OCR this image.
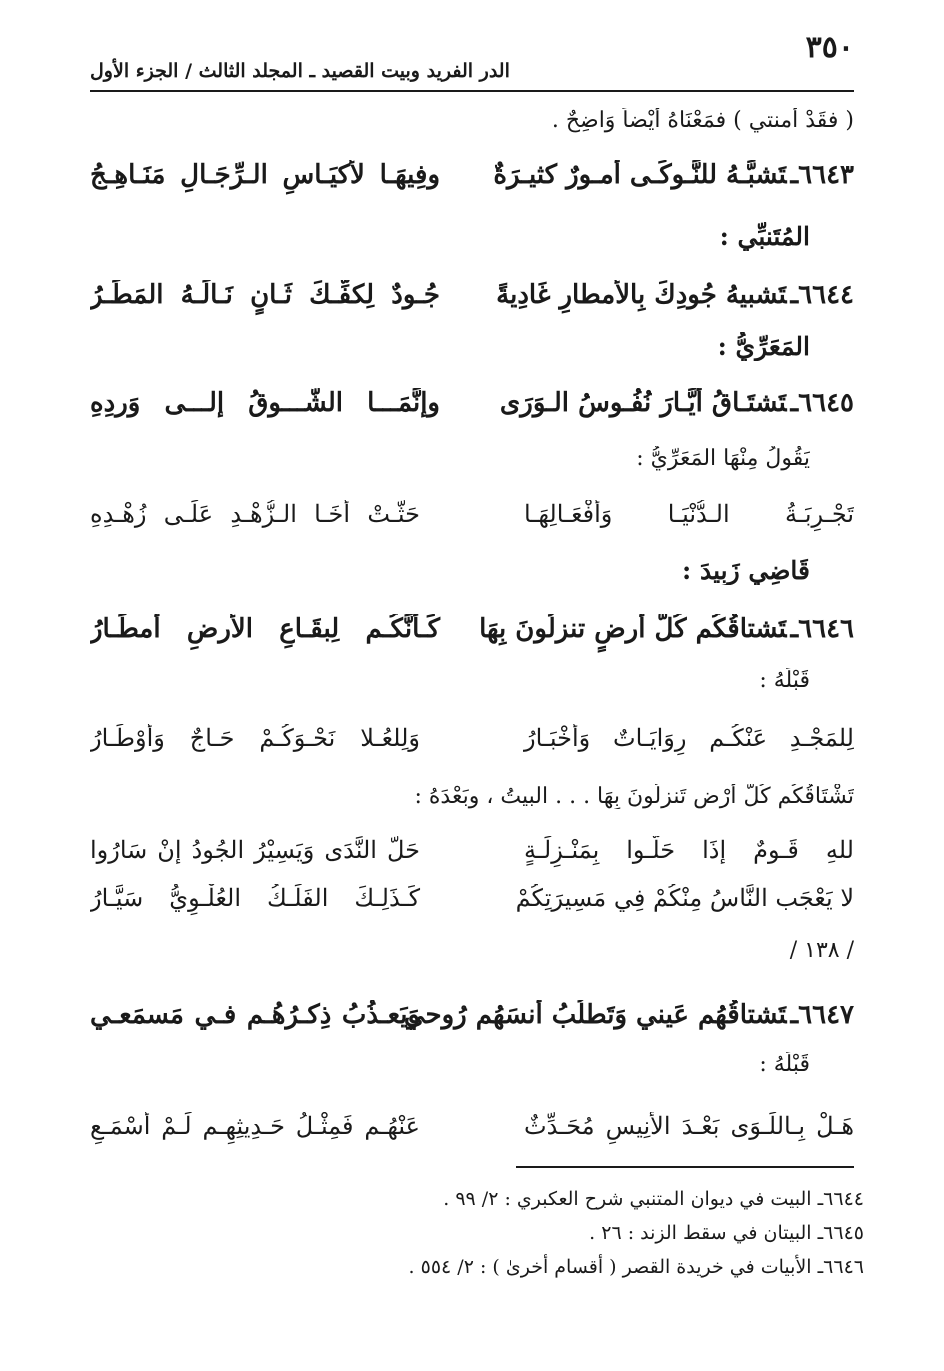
٣٥٠
الدر الفريد وبيت القصيد ـ المجلد الثالث / الجزء الأول
( فقَدْ أَمنتي ) فمَعْنَاهُ أيْضاً وَاضِحٌ .
٦٦٤٣ـتَشبَّـهُ للنَّـوكَـى أُمـورٌ كثيـرَةٌ
وفِيهَـا لأكيَـاسِ الـرِّجَـالِ مَنَـاهِـجُ
المُتَنبِّي :
٦٦٤٤ـتَشبيهُ جُودِكَ بِالأمطارِ غَادِيةً
جُـودٌ لِكفِّـكَ ثَـانٍ نَـالَـهُ المَطَـرُ
المَعَرِّيُّ :
٦٦٤٥ـتَشتَـاقُ أيَّـارَ نُفُـوسُ الـوَرَى
وإنَّمَـــا الشَّـــوقُ إلـــى وَردِهِ
يَقُولُ مِنْهَا المَعَرِّيُّ :
تَجْـرِبَـةُ الـدُّنْيَـا وَأفْعَـالِهَـا
حَثَّـتْ أخَـا الـزُّهْـدِ عَلَـى زُهْـدِهِ
قَاضِي زَبِيدَ :
٦٦٤٦ـتَشتاقُكُم كُلُّ أرضٍ تنزلُونَ بِهَا
كَـأنَّكُـم لِبقَـاعِ الأرضِ أمطَـارُ
قَبْلَهُ :
لِلمَجْـدِ عَنْكُـم رِوَايَـاتٌ وَأخْبَـارُ
وَلِلعُـلا نَحْـوَكُـمْ حَـاجٌ وَأوْطَـارُ
تَشْتَاقُكُم كُلّ أرْضٍ تَنزِلُونَ بِهَا . . . البيتُ ، وبَعْدَهُ :
للهِ قَـومٌ إذَا حَلُّـوا بِمَنْـزِلَـةٍ
حَلَّ النَّدَى وَيَسِيْرُ الجُودُ إنْ سَارُوا
لا يَعْجَب النَّاسُ مِنْكُمْ فِي مَسِيرَتِكُمْ
كَـذَلِـكَ الفَلَـكُ العُلْـوِيُّ سَيَّـارُ
/ ١٣٨ /
٦٦٤٧ـتَشتاقُهُم عَيني وَتَطلُبُ أُنسَهُم رُوحي
وَيَعـذُبُ ذِكـرُهُـم فـي مَسمَعـي
قَبْلَهُ :
هَـلْ بِـاللِّـوَى بَعْـدَ الأنِيسِ مُحَـدِّثٌ
عَنْهُـم فَمِثْـلُ حَـدِيثِهِـم لَـمْ أسْمَـعِ
٦٦٤٤ـ البيت في ديوان المتنبي شرح العكبري : ٢/ ٩٩ .
٦٦٤٥ـ البيتان في سقط الزند : ٢٦ .
٦٦٤٦ـ الأبيات في خريدة القصر ( أقسام أخرىٰ ) : ٢/ ٥٥٤ .
